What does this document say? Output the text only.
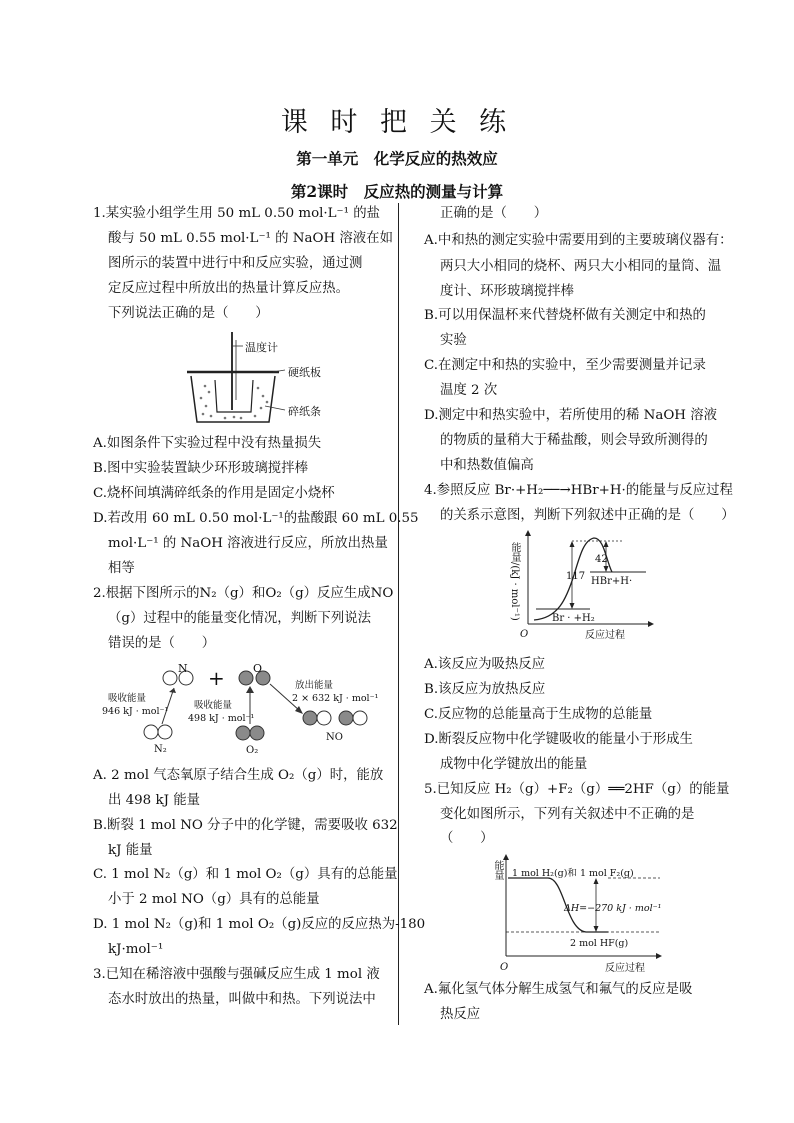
课 时 把 关 练
第一单元　化学反应的热效应
第2课时　反应热的测量与计算
1.某实验小组学生用 50 mL 0.50 mol·L⁻¹ 的盐
酸与 50 mL 0.55 mol·L⁻¹ 的 NaOH 溶液在如
图所示的装置中进行中和反应实验，通过测
定反应过程中所放出的热量计算反应热。
下列说法正确的是（　　）
温度计
硬纸板
碎纸条
A.如图条件下实验过程中没有热量损失
B.图中实验装置缺少环形玻璃搅拌棒
C.烧杯间填满碎纸条的作用是固定小烧杯
D.若改用 60 mL 0.50 mol·L⁻¹的盐酸跟 60 mL 0.55
mol·L⁻¹ 的 NaOH 溶液进行反应，所放出热量
相等
2.根据下图所示的N₂（g）和O₂（g）反应生成NO
（g）过程中的能量变化情况，判断下列说法
错误的是（　　）
N	O
+	放出能量
2 × 632 kJ · mol⁻¹
吸收能量
946 kJ · mol⁻¹
吸收能量
498 kJ · mol⁻¹
N₂	O₂
NO
A. 2 mol 气态氧原子结合生成 O₂（g）时，能放
出 498 kJ 能量
B.断裂 1 mol NO 分子中的化学键，需要吸收 632
kJ 能量
C. 1 mol N₂（g）和 1 mol O₂（g）具有的总能量
小于 2 mol NO（g）具有的总能量
D. 1 mol N₂（g)和 1 mol O₂（g)反应的反应热为-180
kJ·mol⁻¹
3.已知在稀溶液中强酸与强碱反应生成 1 mol 液
态水时放出的热量，叫做中和热。下列说法中
正确的是（　　）
A.中和热的测定实验中需要用到的主要玻璃仪器有：
两只大小相同的烧杯、两只大小相同的量筒、温
度计、环形玻璃搅拌棒
B.可以用保温杯来代替烧杯做有关测定中和热的
实验
C.在测定中和热的实验中，至少需要测量并记录
温度 2 次
D.测定中和热实验中，若所使用的稀 NaOH 溶液
的物质的量稍大于稀盐酸，则会导致所测得的
中和热数值偏高
4.参照反应 Br·+H₂──→HBr+H·的能量与反应过程
的关系示意图，判断下列叙述中正确的是（　　）
能量/(kJ · mol⁻¹)	117
42
HBr+H·
Br · +H₂
O	反应过程
A.该反应为吸热反应
B.该反应为放热反应
C.反应物的总能量高于生成物的总能量
D.断裂反应物中化学键吸收的能量小于形成生
成物中化学键放出的能量
5.已知反应 H₂（g）+F₂（g）══2HF（g）的能量
变化如图所示，下列有关叙述中不正确的是
（　　）
能量 1 mol H₂(g)和 1 mol F₂(g)
ΔH=−270 kJ · mol⁻¹
2 mol HF(g)
O	反应过程
A.氟化氢气体分解生成氢气和氟气的反应是吸
热反应
